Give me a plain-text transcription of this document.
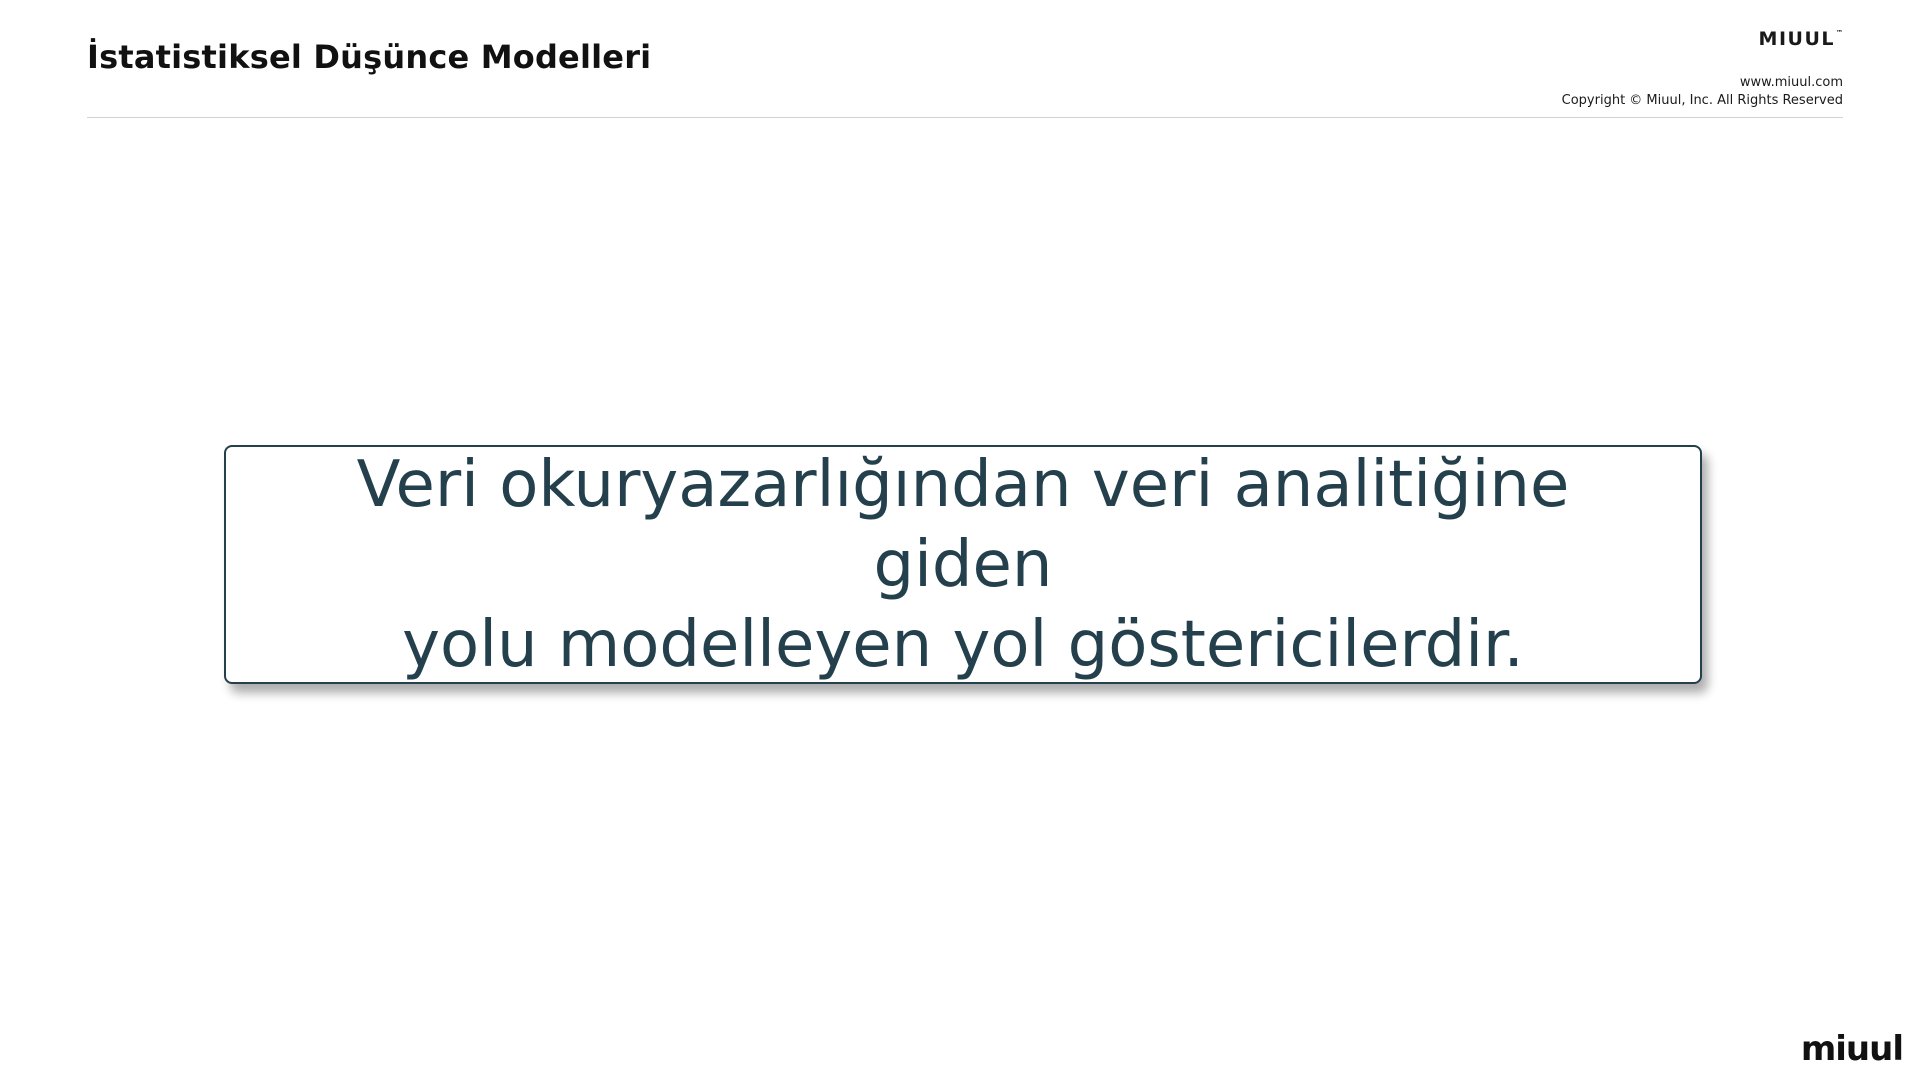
İstatistiksel Düşünce Modelleri	MIUUL™
www.miuul.com
Copyright © Miuul, Inc. All Rights Reserved

Veri okuryazarlığından veri analitiğine giden
yolu modelleyen yol göstericilerdir.

miuul
